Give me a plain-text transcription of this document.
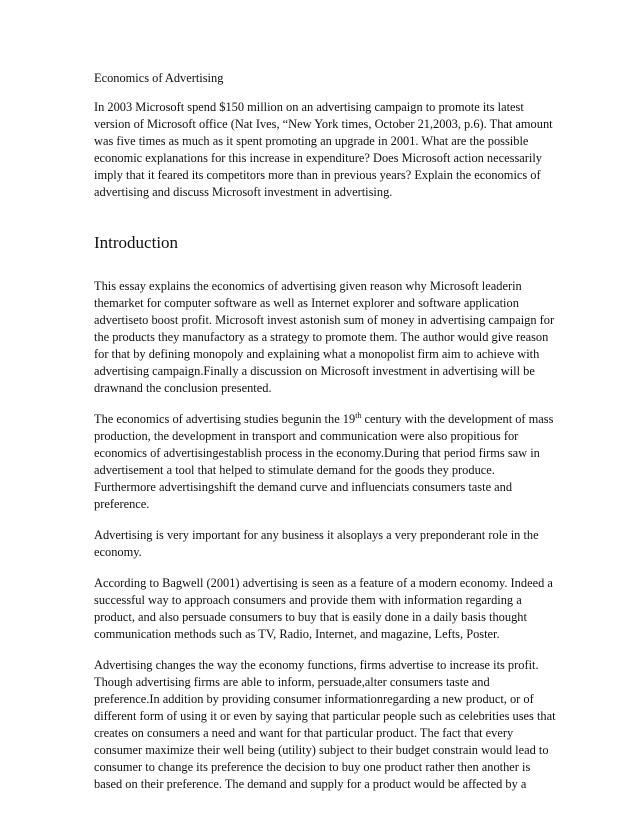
Economics of Advertising

In 2003 Microsoft spend $150 million on an advertising campaign to promote its latest version of Microsoft office (Nat Ives, “New York times, October 21,2003, p.6). That amount was five times as much as it spent promoting an upgrade in 2001. What are the possible economic explanations for this increase in expenditure? Does Microsoft action necessarily imply that it feared its competitors more than in previous years? Explain the economics of advertising and discuss Microsoft investment in advertising.

Introduction

This essay explains the economics of advertising given reason why Microsoft leaderin themarket for computer software as well as Internet explorer and software application advertiseto boost profit. Microsoft invest astonish sum of money in advertising campaign for the products they manufactory as a strategy to promote them. The author would give reason for that by defining monopoly and explaining what a monopolist firm aim to achieve with advertising campaign.Finally a discussion on Microsoft investment in advertising will be drawnand the conclusion presented.

The economics of advertising studies begunin the 19th century with the development of mass production, the development in transport and communication were also propitious for economics of advertisingestablish process in the economy.During that period firms saw in advertisement a tool that helped to stimulate demand for the goods they produce. Furthermore advertisingshift the demand curve and influenciats consumers taste and preference.

Advertising is very important for any business it alsoplays a very preponderant role in the economy.

According to Bagwell (2001) advertising is seen as a feature of a modern economy. Indeed a successful way to approach consumers and provide them with information regarding a product, and also persuade consumers to buy that is easily done in a daily basis thought communication methods such as TV, Radio, Internet, and magazine, Lefts, Poster.

Advertising changes the way the economy functions, firms advertise to increase its profit. Though advertising firms are able to inform, persuade,alter consumers taste and preference.In addition by providing consumer informationregarding a new product, or of different form of using it or even by saying that particular people such as celebrities uses that creates on consumers a need and want for that particular product. The fact that every consumer maximize their well being (utility) subject to their budget constrain would lead to consumer to change its preference the decision to buy one product rather then another is based on their preference. The demand and supply for a product would be affected by a
